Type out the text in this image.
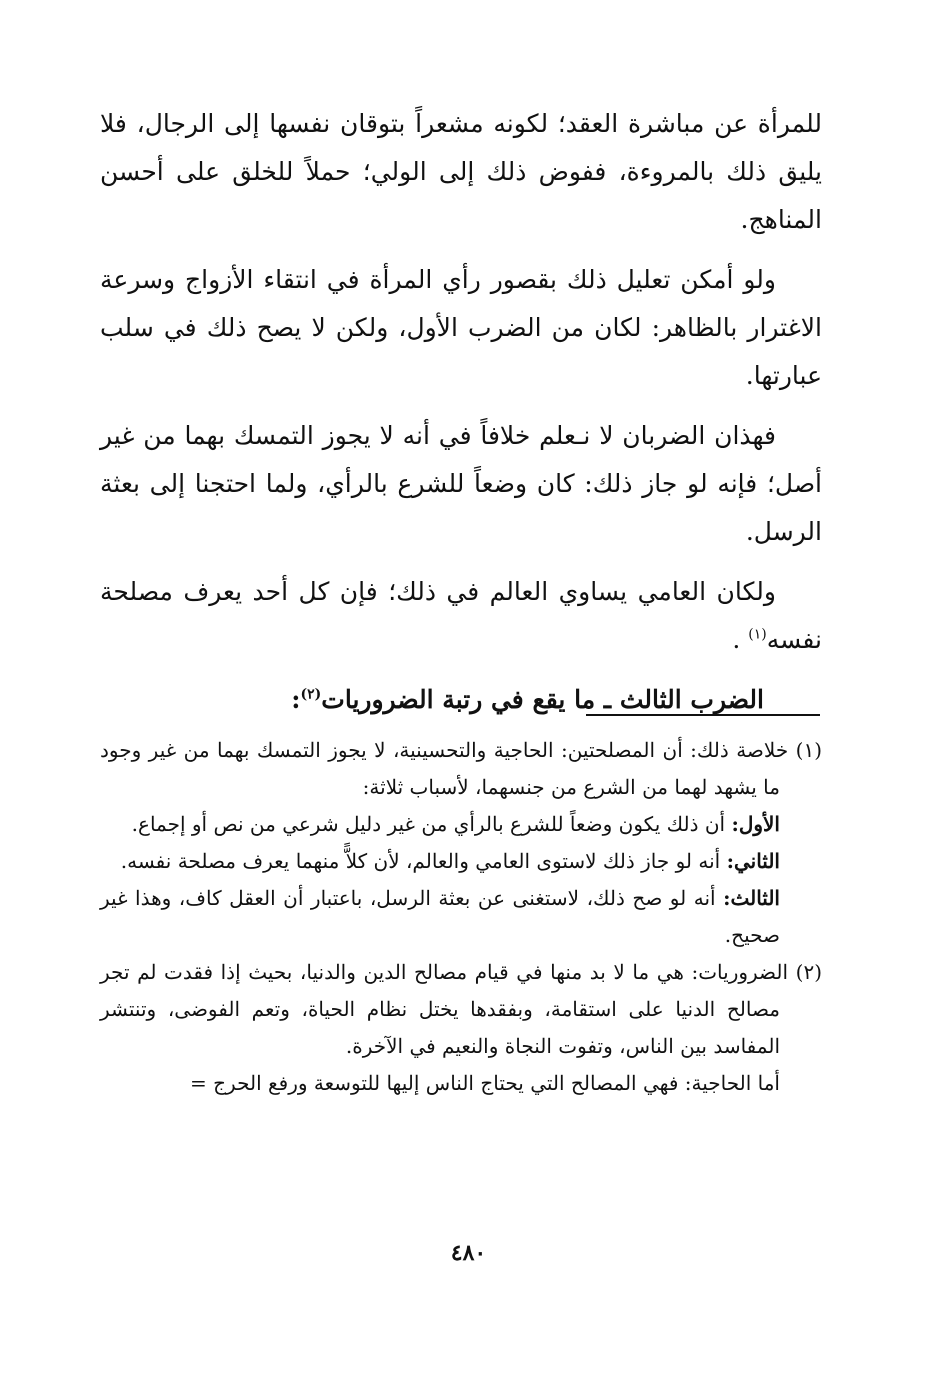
للمرأة عن مباشرة العقد؛ لكونه مشعراً بتوقان نفسها إلى الرجال، فلا يليق ذلك بالمروءة، ففوض ذلك إلى الولي؛ حملاً للخلق على أحسن المناهج.

ولو أمكن تعليل ذلك بقصور رأي المرأة في انتقاء الأزواج وسرعة الاغترار بالظاهر: لكان من الضرب الأول، ولكن لا يصح ذلك في سلب عبارتها.

فهذان الضربان لا نـعلم خلافاً في أنه لا يجوز التمسك بهما من غير أصل؛ فإنه لو جاز ذلك: كان وضعاً للشرع بالرأي، ولما احتجنا إلى بعثة الرسل.

ولكان العامي يساوي العالم في ذلك؛ فإن كل أحد يعرف مصلحة نفسه$^{(١)}$ .

الضرب الثالث ـ ما يقع في رتبة الضروريات$^{(٢)}$:

(١) خلاصة ذلك: أن المصلحتين: الحاجية والتحسينية، لا يجوز التمسك بهما من غير وجود ما يشهد لهما من الشرع من جنسهما، لأسباب ثلاثة:

الأول: أن ذلك يكون وضعاً للشرع بالرأي من غير دليل شرعي من نص أو إجماع.

الثاني: أنه لو جاز ذلك لاستوى العامي والعالم، لأن كلاًّ منهما يعرف مصلحة نفسه.

الثالث: أنه لو صح ذلك، لاستغنى عن بعثة الرسل، باعتبار أن العقل كاف، وهذا غير صحيح.

(٢) الضروريات: هي ما لا بد منها في قيام مصالح الدين والدنيا، بحيث إذا فقدت لم تجر مصالح الدنيا على استقامة، وبفقدها يختل نظام الحياة، وتعم الفوضى، وتنتشر المفاسد بين الناس، وتفوت النجاة والنعيم في الآخرة.

أما الحاجية: فهي المصالح التي يحتاج الناس إليها للتوسعة ورفع الحرج =

٤٨٠
